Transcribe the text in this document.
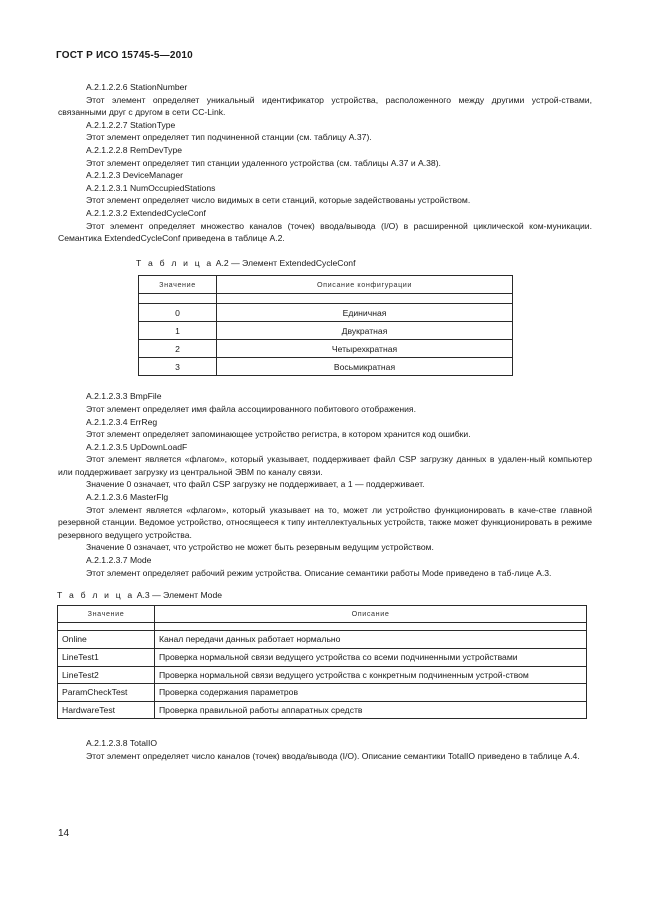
ГОСТ Р ИСО 15745-5—2010

A.2.1.2.2.6 StationNumber

Этот элемент определяет уникальный идентификатор устройства, расположенного между другими устрой-ствами, связанными друг с другом в сети CC-Link.

A.2.1.2.2.7 StationType

Этот элемент определяет тип подчиненной станции (см. таблицу A.37).

A.2.1.2.2.8 RemDevType

Этот элемент определяет тип станции удаленного устройства (см. таблицы A.37 и A.38).

A.2.1.2.3 DeviceManager

A.2.1.2.3.1 NumOccupiedStations

Этот элемент определяет число видимых в сети станций, которые задействованы устройством.

A.2.1.2.3.2 ExtendedCycleConf

Этот элемент определяет множество каналов (точек) ввода/вывода (I/O) в расширенной циклической ком-муникации. Семантика ExtendedCycleConf приведена в таблице A.2.

Т а б л и ц а A.2 — Элемент ExtendedCycleConf

Значение	Описание конфигурации

0	Единичная
1	Двукратная
2	Четырехкратная
3	Восьмикратная

A.2.1.2.3.3 BmpFile

Этот элемент определяет имя файла ассоциированного побитового отображения.

A.2.1.2.3.4 ErrReg

Этот элемент определяет запоминающее устройство регистра, в котором хранится код ошибки.

A.2.1.2.3.5 UpDownLoadF

Этот элемент является «флагом», который указывает, поддерживает файл CSP загрузку данных в удален-ный компьютер или поддерживает загрузку из центральной ЭВМ по каналу связи.

Значение 0 означает, что файл CSP загрузку не поддерживает, а 1 — поддерживает.

A.2.1.2.3.6 MasterFlg

Этот элемент является «флагом», который указывает на то, может ли устройство функционировать в каче-стве главной резервной станции. Ведомое устройство, относящееся к типу интеллектуальных устройств, также может функционировать в режиме резервного ведущего устройства.

Значение 0 означает, что устройство не может быть резервным ведущим устройством.

A.2.1.2.3.7 Mode

Этот элемент определяет рабочий режим устройства. Описание семантики работы Mode приведено в таб-лице A.3.

Т а б л и ц а A.3 — Элемент Mode

Значение	Описание

Online	Канал передачи данных работает нормально
LineTest1	Проверка нормальной связи ведущего устройства со всеми подчиненными устройствами
LineTest2	Проверка нормальной связи ведущего устройства с конкретным подчиненным устрой-ством
ParamCheckTest	Проверка содержания параметров
HardwareTest	Проверка правильной работы аппаратных средств

A.2.1.2.3.8 TotalIO

Этот элемент определяет число каналов (точек) ввода/вывода (I/O). Описание семантики TotalIO приведено в таблице A.4.

14
